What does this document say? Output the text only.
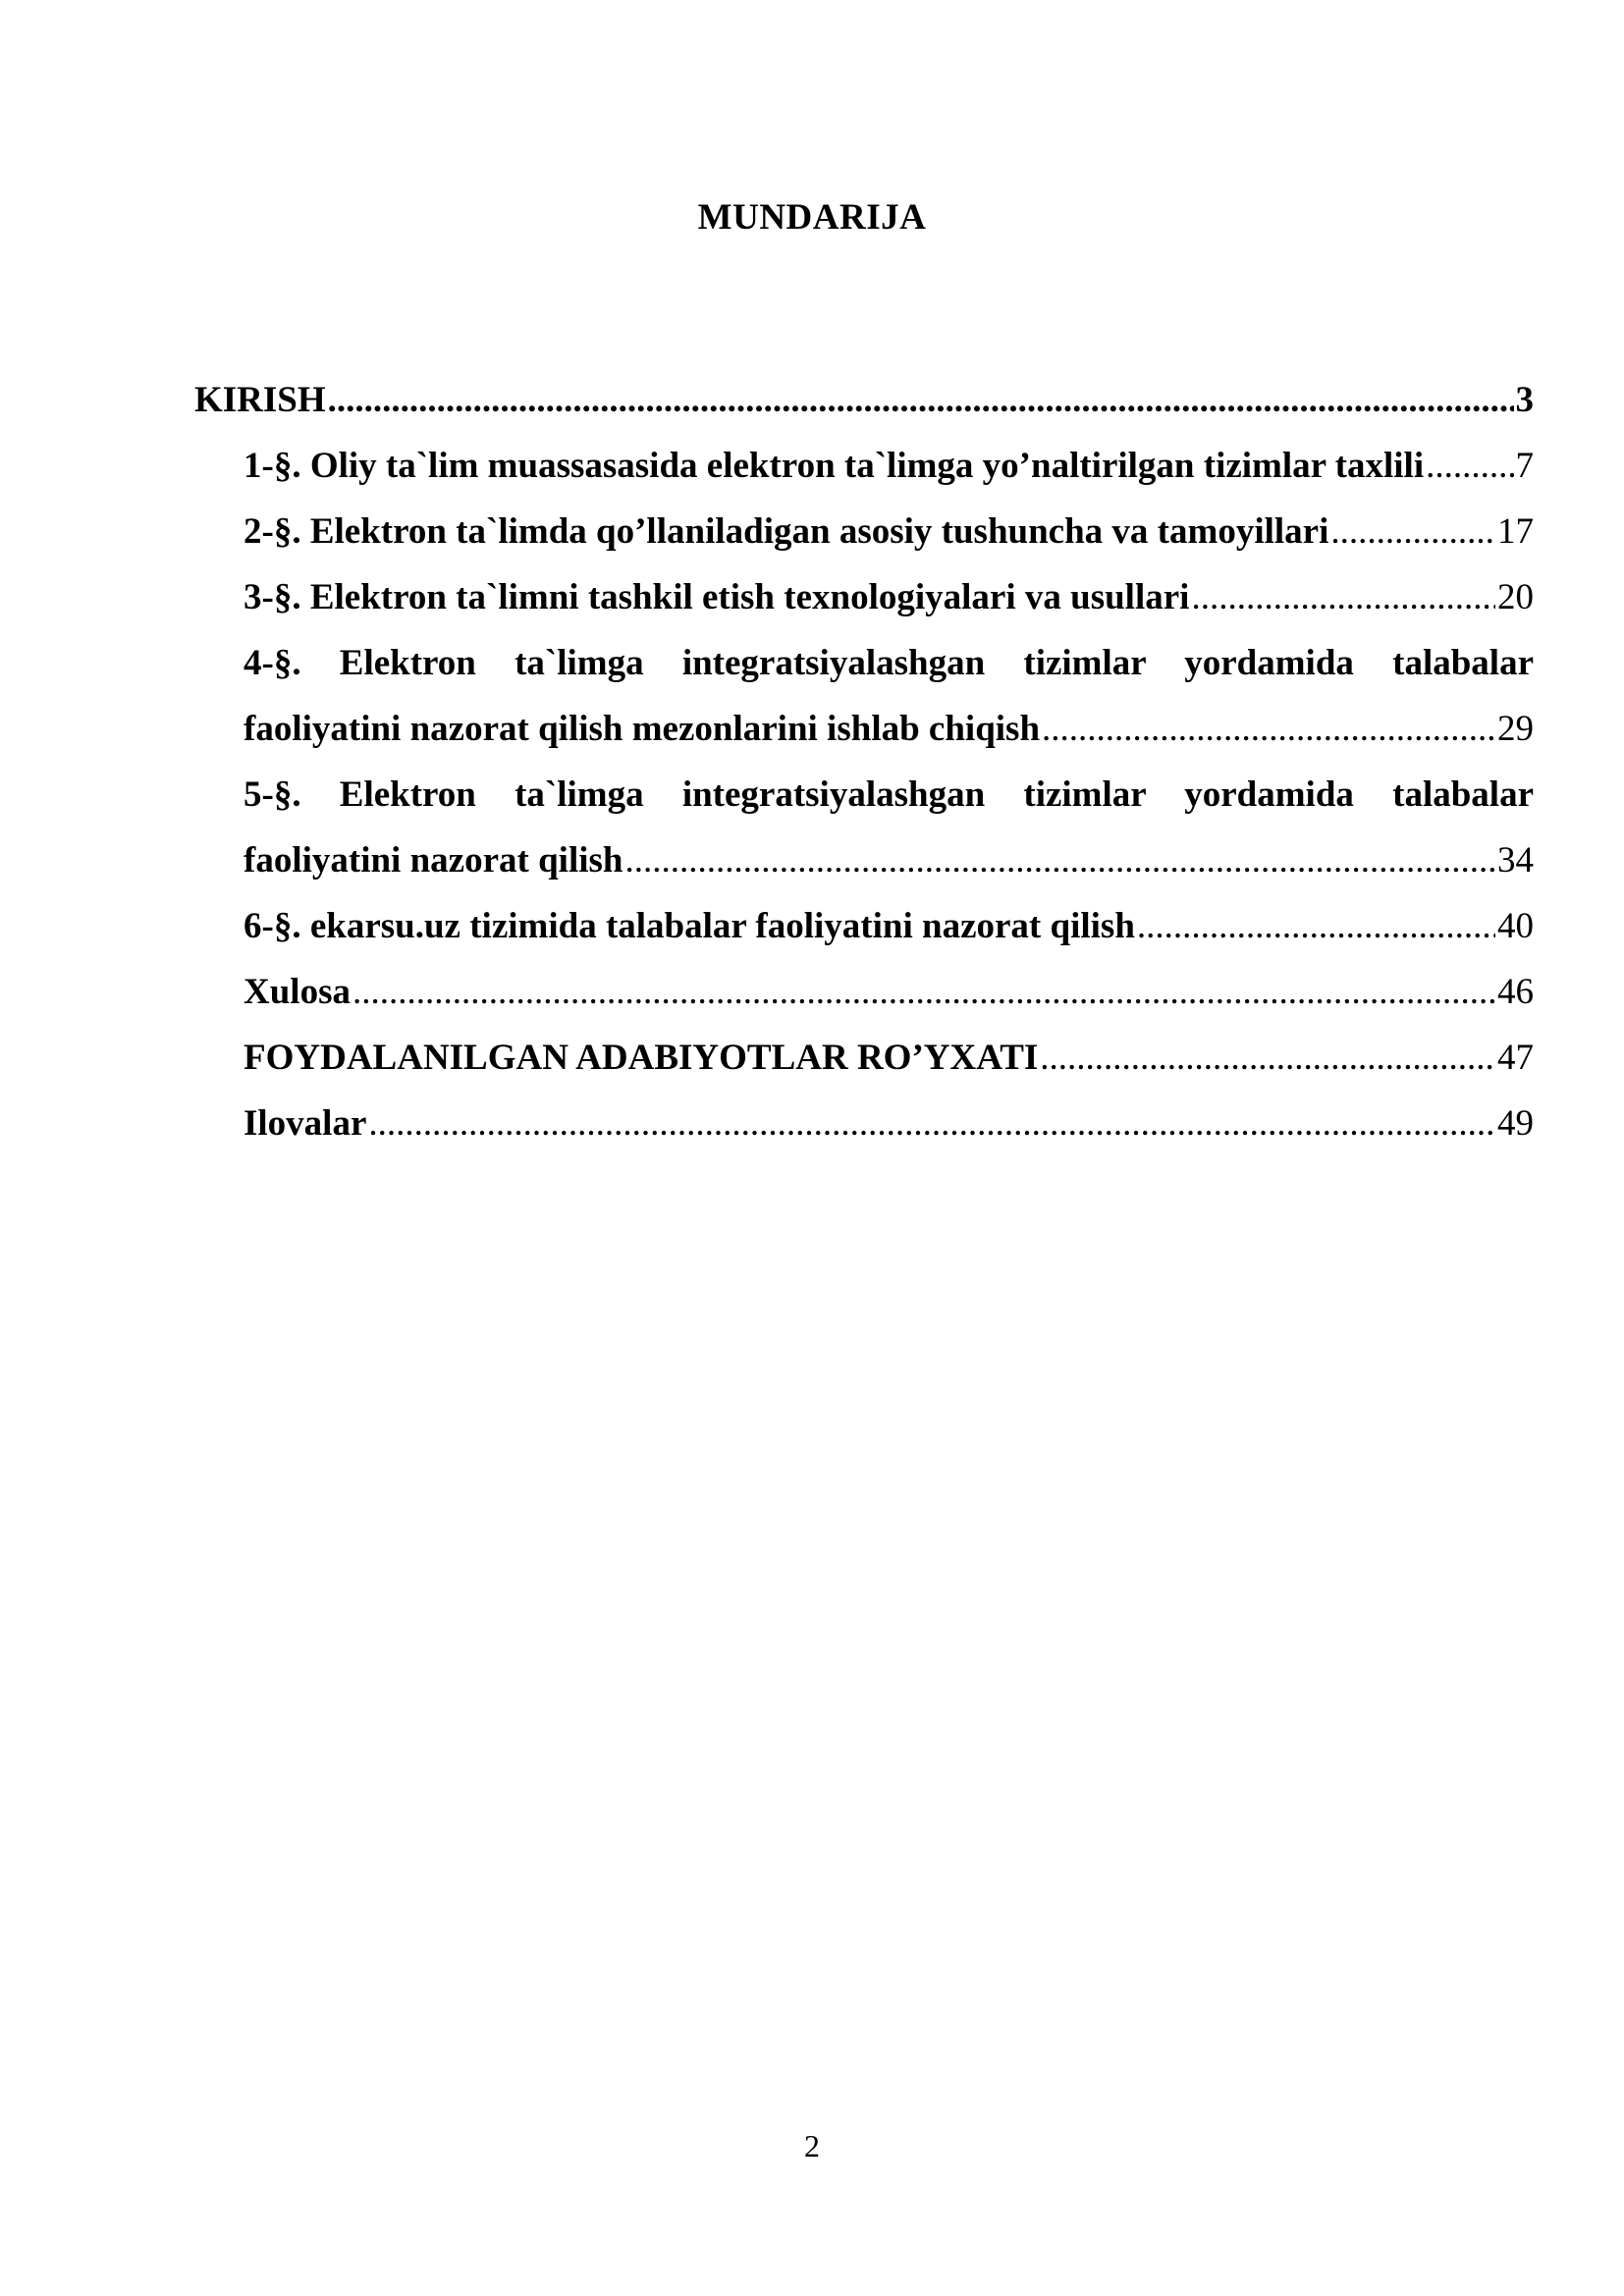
MUNDARIJA
KIRISH .....	3
1-§. Oliy ta`lim muassasasida elektron ta`limga yo’naltirilgan tizimlar taxlili .....	7
2-§. Elektron ta`limda qo’llaniladigan asosiy tushuncha va tamoyillari .....	17
3-§. Elektron ta`limni tashkil etish texnologiyalari va usullari .....	20
4-§. Elektron ta`limga integratsiyalashgan tizimlar yordamida talabalar
faoliyatini nazorat qilish mezonlarini ishlab chiqish .....	29
5-§. Elektron ta`limga integratsiyalashgan tizimlar yordamida talabalar
faoliyatini nazorat qilish .....	34
6-§. ekarsu.uz tizimida talabalar faoliyatini nazorat qilish .....	40
Xulosa .....	46
FOYDALANILGAN ADABIYOTLAR RO’YXATI .....	47
Ilovalar .....	49
2
